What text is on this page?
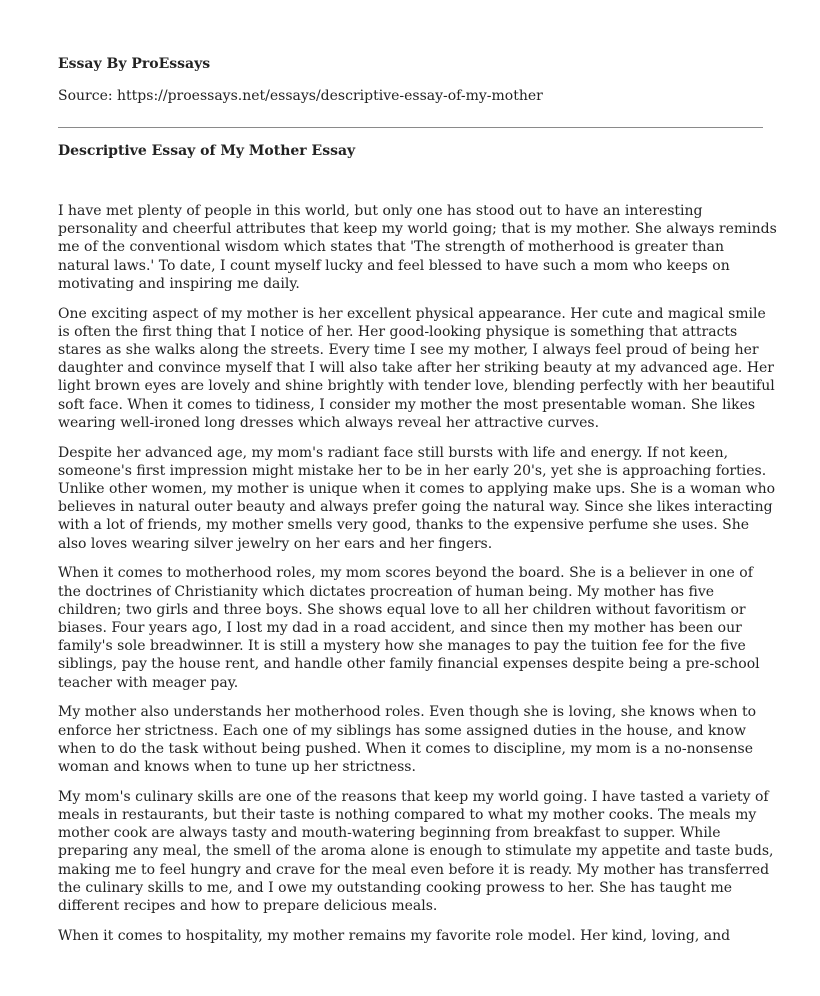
Essay By ProEssays

Source: https://proessays.net/essays/descriptive-essay-of-my-mother

Descriptive Essay of My Mother Essay

I have met plenty of people in this world, but only one has stood out to have an interesting
personality and cheerful attributes that keep my world going; that is my mother. She always reminds
me of the conventional wisdom which states that 'The strength of motherhood is greater than
natural laws.' To date, I count myself lucky and feel blessed to have such a mom who keeps on
motivating and inspiring me daily.

One exciting aspect of my mother is her excellent physical appearance. Her cute and magical smile
is often the first thing that I notice of her. Her good-looking physique is something that attracts
stares as she walks along the streets. Every time I see my mother, I always feel proud of being her
daughter and convince myself that I will also take after her striking beauty at my advanced age. Her
light brown eyes are lovely and shine brightly with tender love, blending perfectly with her beautiful
soft face. When it comes to tidiness, I consider my mother the most presentable woman. She likes
wearing well-ironed long dresses which always reveal her attractive curves.

Despite her advanced age, my mom's radiant face still bursts with life and energy. If not keen,
someone's first impression might mistake her to be in her early 20's, yet she is approaching forties.
Unlike other women, my mother is unique when it comes to applying make ups. She is a woman who
believes in natural outer beauty and always prefer going the natural way. Since she likes interacting
with a lot of friends, my mother smells very good, thanks to the expensive perfume she uses. She
also loves wearing silver jewelry on her ears and her fingers.

When it comes to motherhood roles, my mom scores beyond the board. She is a believer in one of
the doctrines of Christianity which dictates procreation of human being. My mother has five
children; two girls and three boys. She shows equal love to all her children without favoritism or
biases. Four years ago, I lost my dad in a road accident, and since then my mother has been our
family's sole breadwinner. It is still a mystery how she manages to pay the tuition fee for the five
siblings, pay the house rent, and handle other family financial expenses despite being a pre-school
teacher with meager pay.

My mother also understands her motherhood roles. Even though she is loving, she knows when to
enforce her strictness. Each one of my siblings has some assigned duties in the house, and know
when to do the task without being pushed. When it comes to discipline, my mom is a no-nonsense
woman and knows when to tune up her strictness.

My mom's culinary skills are one of the reasons that keep my world going. I have tasted a variety of
meals in restaurants, but their taste is nothing compared to what my mother cooks. The meals my
mother cook are always tasty and mouth-watering beginning from breakfast to supper. While
preparing any meal, the smell of the aroma alone is enough to stimulate my appetite and taste buds,
making me to feel hungry and crave for the meal even before it is ready. My mother has transferred
the culinary skills to me, and I owe my outstanding cooking prowess to her. She has taught me
different recipes and how to prepare delicious meals.

When it comes to hospitality, my mother remains my favorite role model. Her kind, loving, and
